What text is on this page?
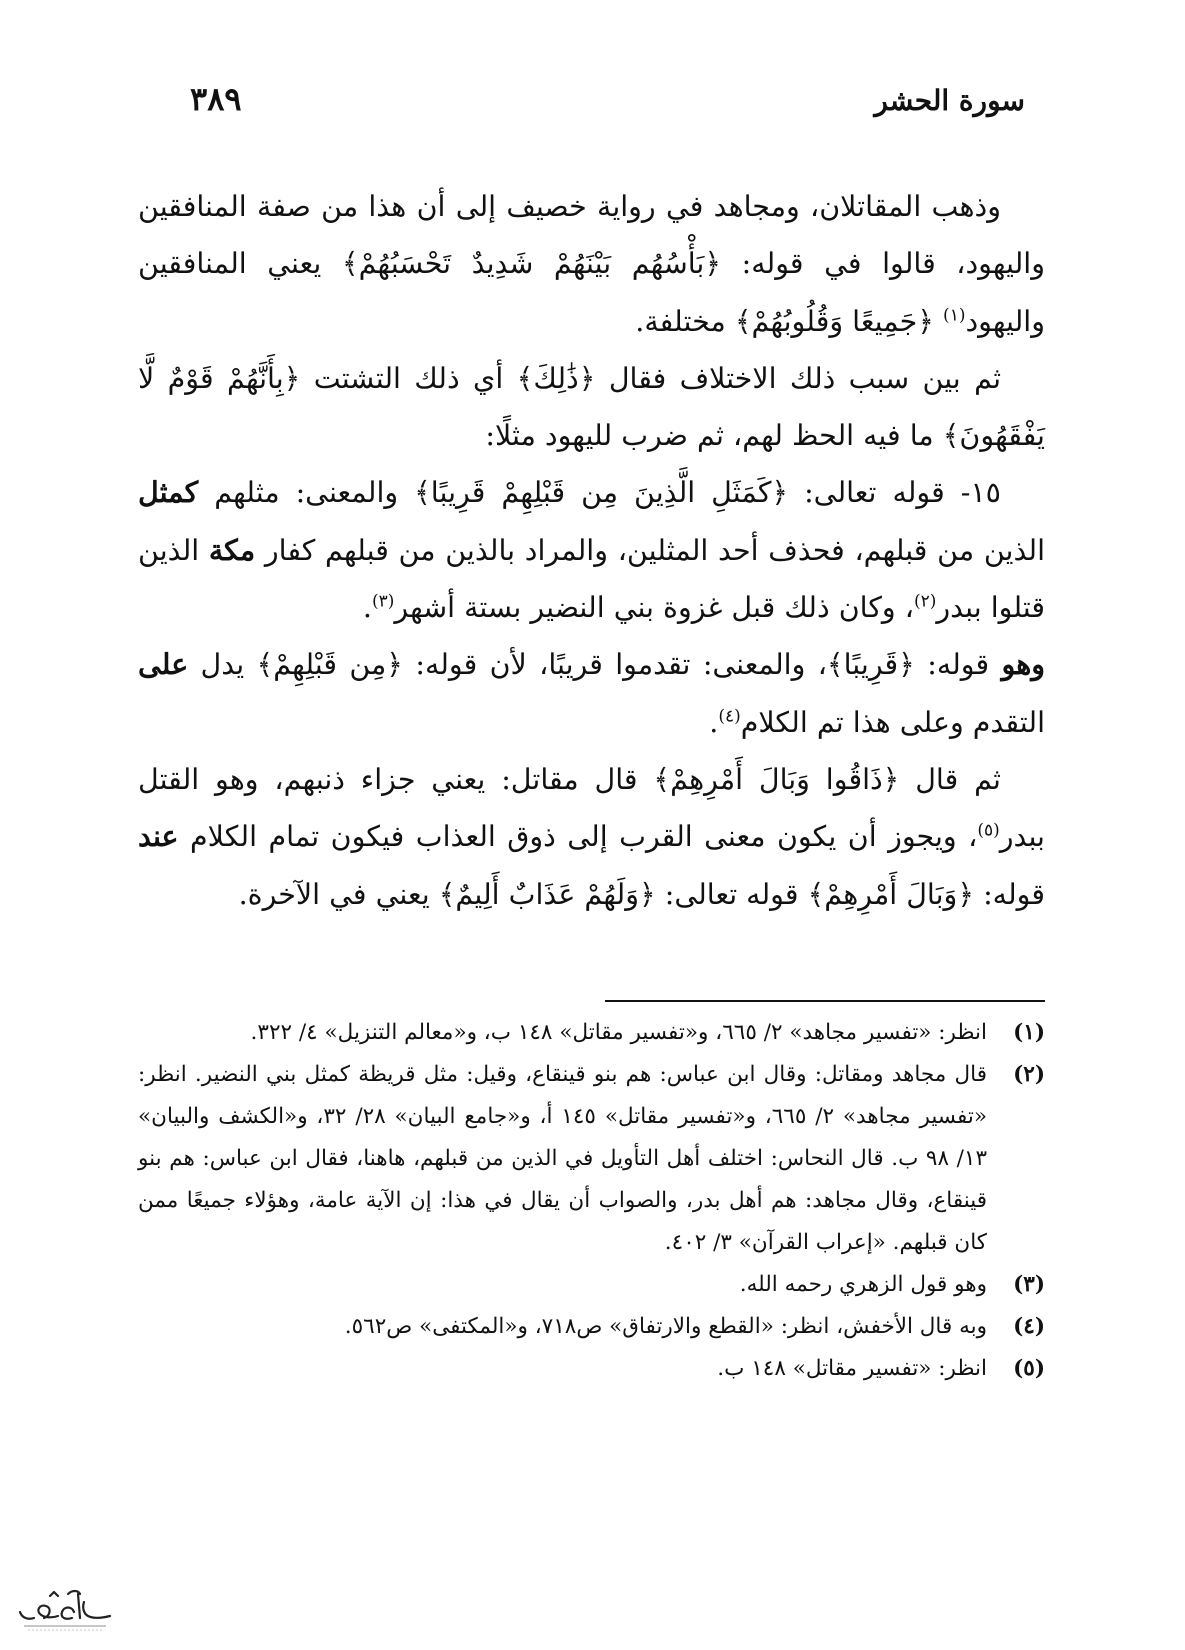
سورة الحشر
٣٨٩

وذهب المقاتلان، ومجاهد في رواية خصيف إلى أن هذا من صفة المنافقين واليهود، قالوا في قوله: ﴿بَأْسُهُم بَيْنَهُمْ شَدِيدٌ تَحْسَبُهُمْ﴾ يعني المنافقين واليهود$^{(١)}$ ﴿جَمِيعًا وَقُلُوبُهُمْ﴾ مختلفة.

ثم بين سبب ذلك الاختلاف فقال ﴿ذَٰلِكَ﴾ أي ذلك التشتت ﴿بِأَنَّهُمْ قَوْمٌ لَّا يَفْقَهُونَ﴾ ما فيه الحظ لهم، ثم ضرب لليهود مثلًا:

١٥- قوله تعالى: ﴿كَمَثَلِ الَّذِينَ مِن قَبْلِهِمْ قَرِيبًا﴾ والمعنى: مثلهم كمثل الذين من قبلهم، فحذف أحد المثلين، والمراد بالذين من قبلهم كفار مكة الذين قتلوا ببدر$^{(٢)}$، وكان ذلك قبل غزوة بني النضير بستة أشهر$^{(٣)}$.

وهو قوله: ﴿قَرِيبًا﴾، والمعنى: تقدموا قريبًا، لأن قوله: ﴿مِن قَبْلِهِمْ﴾ يدل على التقدم وعلى هذا تم الكلام$^{(٤)}$.

ثم قال ﴿ذَاقُوا وَبَالَ أَمْرِهِمْ﴾ قال مقاتل: يعني جزاء ذنبهم، وهو القتل ببدر$^{(٥)}$، ويجوز أن يكون معنى القرب إلى ذوق العذاب فيكون تمام الكلام عند قوله: ﴿وَبَالَ أَمْرِهِمْ﴾ قوله تعالى: ﴿وَلَهُمْ عَذَابٌ أَلِيمٌ﴾ يعني في الآخرة.

(١)
انظر: «تفسير مجاهد» ٢/ ٦٦٥، و«تفسير مقاتل» ١٤٨ ب، و«معالم التنزيل» ٤/ ٣٢٢.
(٢)
قال مجاهد ومقاتل: وقال ابن عباس: هم بنو قينقاع، وقيل: مثل قريظة كمثل بني النضير. انظر: «تفسير مجاهد» ٢/ ٦٦٥، و«تفسير مقاتل» ١٤٥ أ، و«جامع البيان» ٢٨/ ٣٢، و«الكشف والبيان» ١٣/ ٩٨ ب. قال النحاس: اختلف أهل التأويل في الذين من قبلهم، هاهنا، فقال ابن عباس: هم بنو قينقاع، وقال مجاهد: هم أهل بدر، والصواب أن يقال في هذا: إن الآية عامة، وهؤلاء جميعًا ممن كان قبلهم. «إعراب القرآن» ٣/ ٤٠٢.
(٣)
وهو قول الزهري رحمه الله.
(٤)
وبه قال الأخفش، انظر: «القطع والارتفاق» ص٧١٨، و«المكتفى» ص٥٦٢.
(٥)
انظر: «تفسير مقاتل» ١٤٨ ب.
